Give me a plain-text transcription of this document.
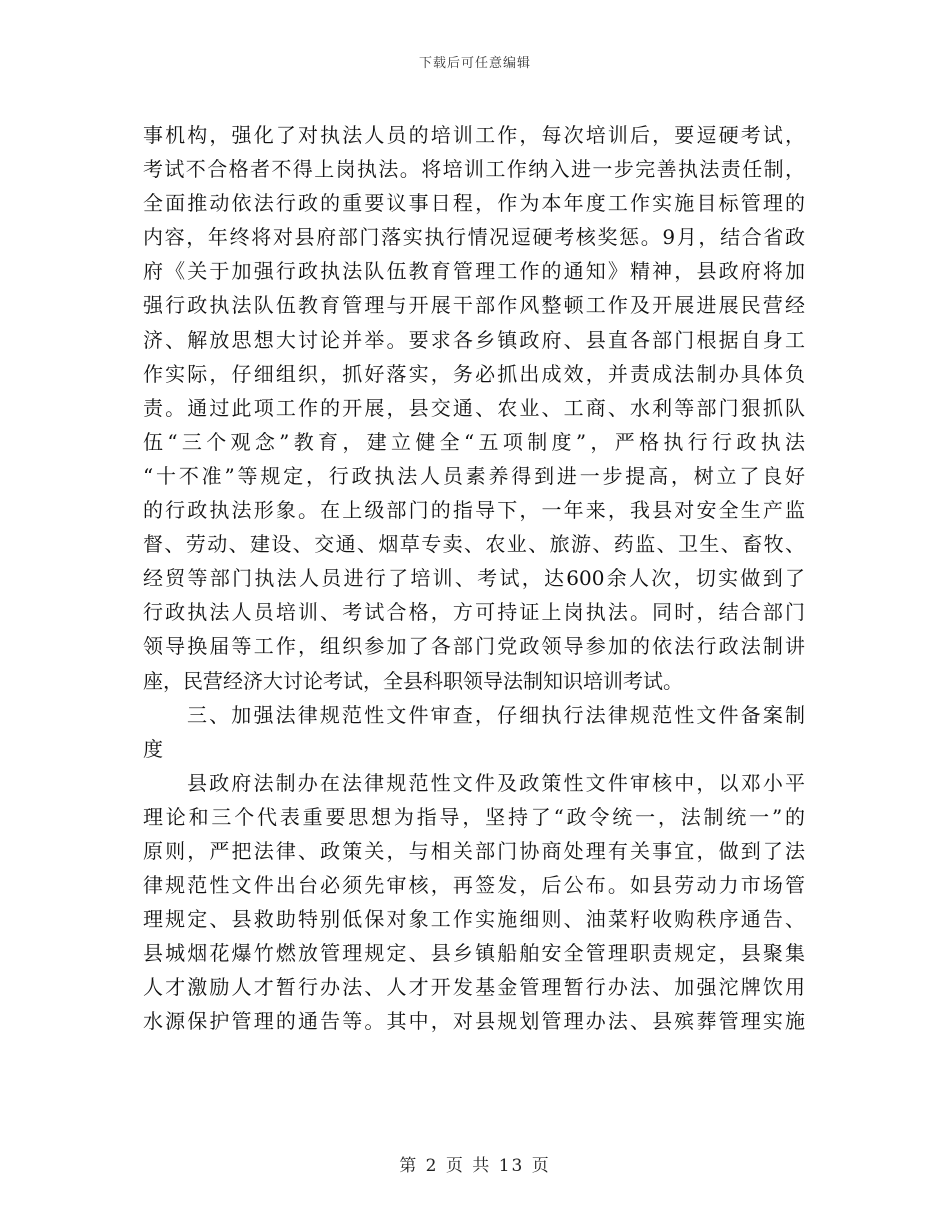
下载后可任意编辑
事机构，强化了对执法人员的培训工作，每次培训后，要逗硬考试，
考试不合格者不得上岗执法。将培训工作纳入进一步完善执法责任制，
全面推动依法行政的重要议事日程，作为本年度工作实施目标管理的
内容，年终将对县府部门落实执行情况逗硬考核奖惩。9月，结合省政
府《关于加强行政执法队伍教育管理工作的通知》精神，县政府将加
强行政执法队伍教育管理与开展干部作风整顿工作及开展进展民营经
济、解放思想大讨论并举。要求各乡镇政府、县直各部门根据自身工
作实际，仔细组织，抓好落实，务必抓出成效，并责成法制办具体负
责。通过此项工作的开展，县交通、农业、工商、水利等部门狠抓队
伍“三个观念”教育，建立健全“五项制度”，严格执行行政执法
“十不准”等规定，行政执法人员素养得到进一步提高，树立了良好
的行政执法形象。在上级部门的指导下，一年来，我县对安全生产监
督、劳动、建设、交通、烟草专卖、农业、旅游、药监、卫生、畜牧、
经贸等部门执法人员进行了培训、考试，达600余人次，切实做到了
行政执法人员培训、考试合格，方可持证上岗执法。同时，结合部门
领导换届等工作，组织参加了各部门党政领导参加的依法行政法制讲
座，民营经济大讨论考试，全县科职领导法制知识培训考试。
三、加强法律规范性文件审查，仔细执行法律规范性文件备案制
度
县政府法制办在法律规范性文件及政策性文件审核中，以邓小平
理论和三个代表重要思想为指导，坚持了“政令统一，法制统一”的
原则，严把法律、政策关，与相关部门协商处理有关事宜，做到了法
律规范性文件出台必须先审核，再签发，后公布。如县劳动力市场管
理规定、县救助特别低保对象工作实施细则、油菜籽收购秩序通告、
县城烟花爆竹燃放管理规定、县乡镇船舶安全管理职责规定，县聚集
人才激励人才暂行办法、人才开发基金管理暂行办法、加强沱牌饮用
水源保护管理的通告等。其中，对县规划管理办法、县殡葬管理实施
第 2 页 共 13 页
